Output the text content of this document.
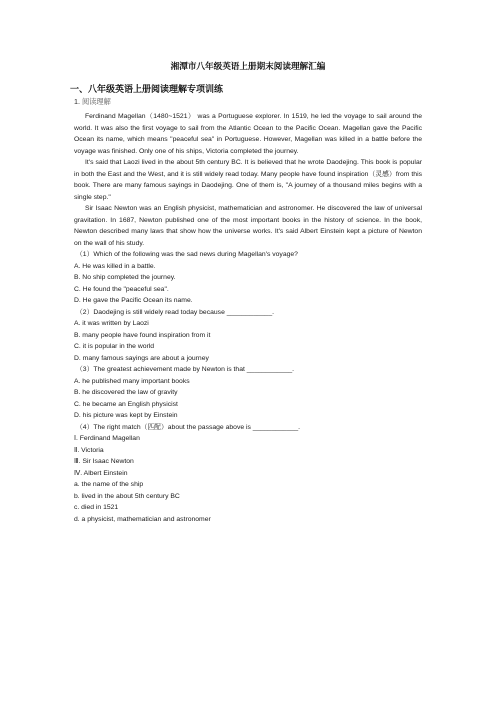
湘潭市八年级英语上册期末阅读理解汇编
一、八年级英语上册阅读理解专项训练
1. 阅读理解

Ferdinand Magellan（1480~1521） was a Portuguese explorer. In 1519, he led the voyage to sail around the world. It was also the first voyage to sail from the Atlantic Ocean to the Pacific Ocean. Magellan gave the Pacific Ocean its name, which means "peaceful sea" in Portuguese. However, Magellan was killed in a battle before the voyage was finished. Only one of his ships, Victoria completed the journey.

It's said that Laozi lived in the about 5th century BC. It is believed that he wrote Daodejing. This book is popular in both the East and the West, and it is still widely read today. Many people have found inspiration（灵感）from this book. There are many famous sayings in Daodejing. One of them is, "A journey of a thousand miles begins with a single step."

Sir Isaac Newton was an English physicist, mathematician and astronomer. He discovered the law of universal gravitation. In 1687, Newton published one of the most important books in the history of science. In the book, Newton described many laws that show how the universe works. It's said Albert Einstein kept a picture of Newton on the wall of his study.

（1）Which of the following was the sad news during Magellan's voyage?

A. He was killed in a battle.

B. No ship completed the journey.

C. He found the "peaceful sea".

D. He gave the Pacific Ocean its name.

（2）Daodejing is still widely read today because ____________.

A. it was written by Laozi

B. many people have found inspiration from it

C. it is popular in the world

D. many famous sayings are about a journey

（3）The greatest achievement made by Newton is that ____________.

A. he published many important books

B. he discovered the law of gravity

C. he became an English physicist

D. his picture was kept by Einstein

（4）The right match（匹配）about the passage above is ____________.

Ⅰ. Ferdinand Magellan

Ⅱ. Victoria

Ⅲ. Sir Isaac Newton

Ⅳ. Albert Einstein

a. the name of the ship

b. lived in the about 5th century BC

c. died in 1521

d. a physicist, mathematician and astronomer
